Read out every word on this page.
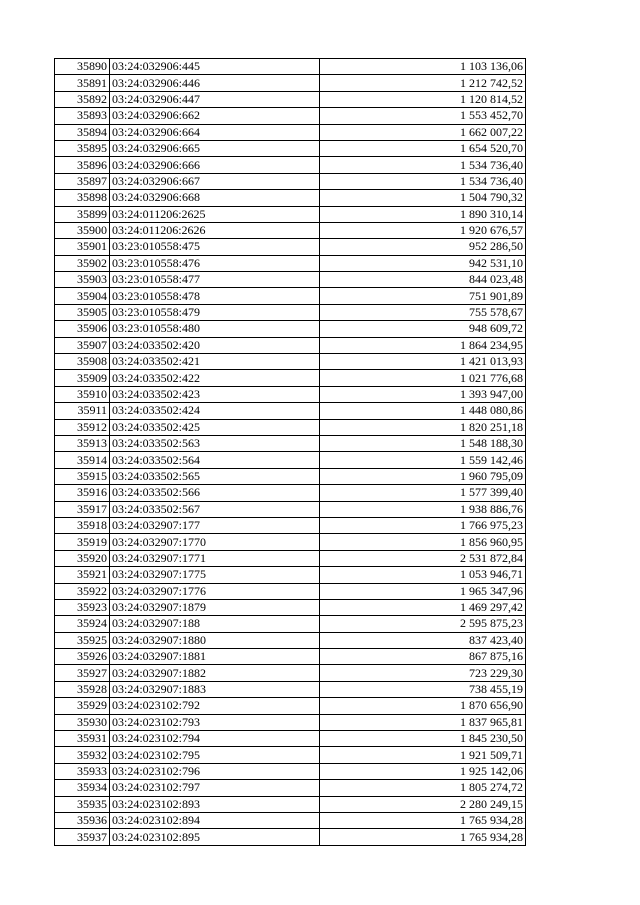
35890	03:24:032906:445	1 103 136,06
35891	03:24:032906:446	1 212 742,52
35892	03:24:032906:447	1 120 814,52
35893	03:24:032906:662	1 553 452,70
35894	03:24:032906:664	1 662 007,22
35895	03:24:032906:665	1 654 520,70
35896	03:24:032906:666	1 534 736,40
35897	03:24:032906:667	1 534 736,40
35898	03:24:032906:668	1 504 790,32
35899	03:24:011206:2625	1 890 310,14
35900	03:24:011206:2626	1 920 676,57
35901	03:23:010558:475	952 286,50
35902	03:23:010558:476	942 531,10
35903	03:23:010558:477	844 023,48
35904	03:23:010558:478	751 901,89
35905	03:23:010558:479	755 578,67
35906	03:23:010558:480	948 609,72
35907	03:24:033502:420	1 864 234,95
35908	03:24:033502:421	1 421 013,93
35909	03:24:033502:422	1 021 776,68
35910	03:24:033502:423	1 393 947,00
35911	03:24:033502:424	1 448 080,86
35912	03:24:033502:425	1 820 251,18
35913	03:24:033502:563	1 548 188,30
35914	03:24:033502:564	1 559 142,46
35915	03:24:033502:565	1 960 795,09
35916	03:24:033502:566	1 577 399,40
35917	03:24:033502:567	1 938 886,76
35918	03:24:032907:177	1 766 975,23
35919	03:24:032907:1770	1 856 960,95
35920	03:24:032907:1771	2 531 872,84
35921	03:24:032907:1775	1 053 946,71
35922	03:24:032907:1776	1 965 347,96
35923	03:24:032907:1879	1 469 297,42
35924	03:24:032907:188	2 595 875,23
35925	03:24:032907:1880	837 423,40
35926	03:24:032907:1881	867 875,16
35927	03:24:032907:1882	723 229,30
35928	03:24:032907:1883	738 455,19
35929	03:24:023102:792	1 870 656,90
35930	03:24:023102:793	1 837 965,81
35931	03:24:023102:794	1 845 230,50
35932	03:24:023102:795	1 921 509,71
35933	03:24:023102:796	1 925 142,06
35934	03:24:023102:797	1 805 274,72
35935	03:24:023102:893	2 280 249,15
35936	03:24:023102:894	1 765 934,28
35937	03:24:023102:895	1 765 934,28
